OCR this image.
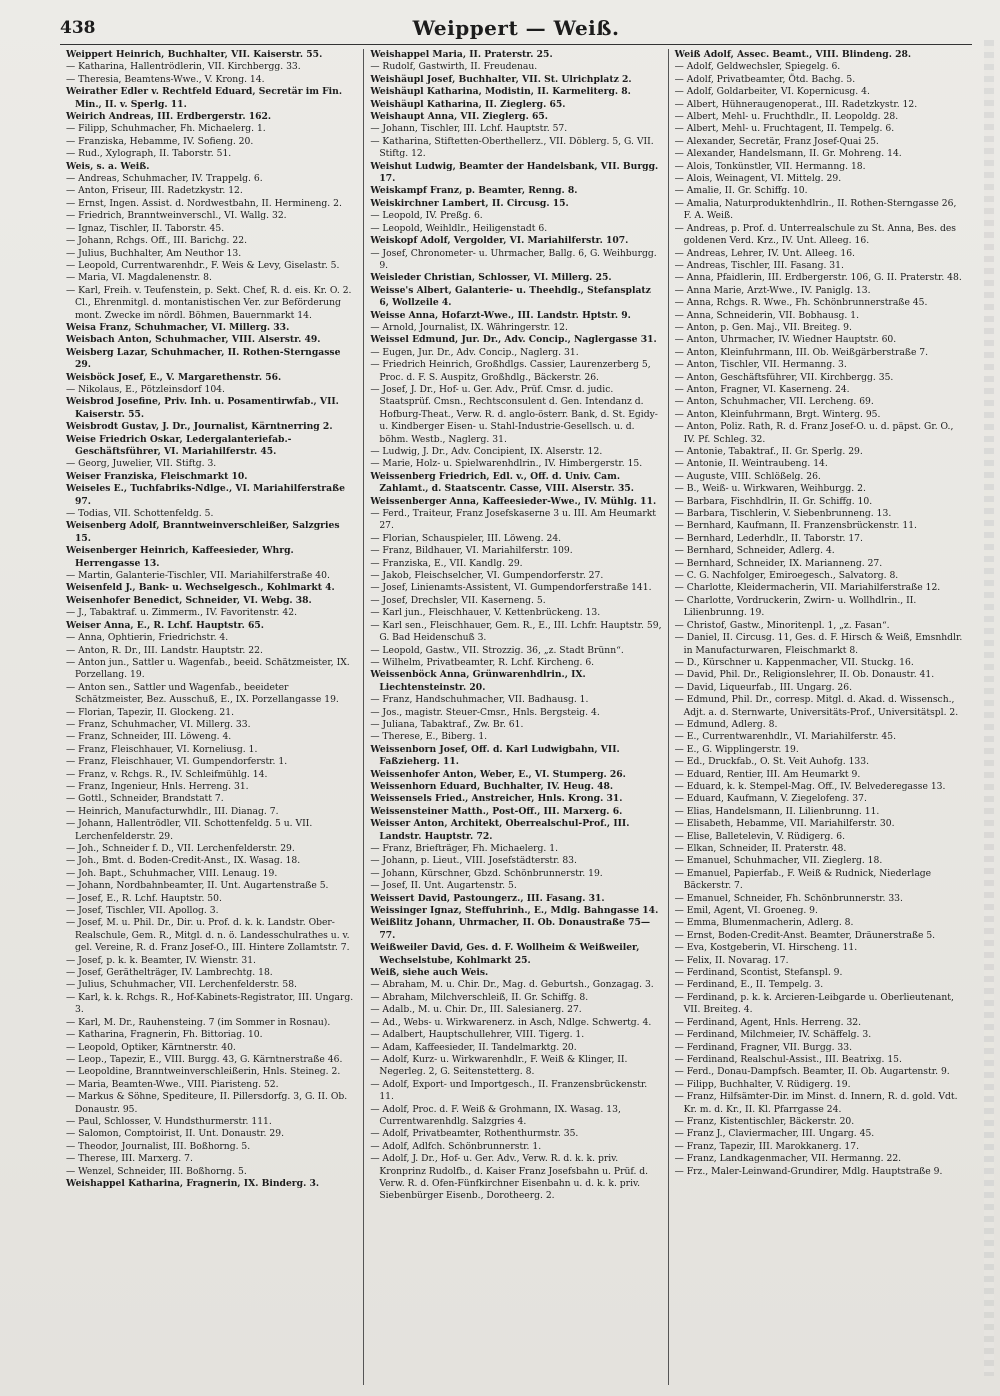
438	Weippert — Weiß.

Weippert Heinrich, Buchhalter, VII. Kaiserstr. 55.

— Katharina, Hallentrödlerin, VII. Kirchbergg. 33.

— Theresia, Beamtens-Wwe., V. Krong. 14.

Weirather Edler v. Rechtfeld Eduard, Secretär im Fin. Min., II. v. Sperlg. 11.

Weirich Andreas, III. Erdbergerstr. 162.

— Filipp, Schuhmacher, Fh. Michaelerg. 1.

— Franziska, Hebamme, IV. Sofieng. 20.

— Rud., Xylograph, II. Taborstr. 51.

Weis, s. a. Weiß.

— Andreas, Schuhmacher, IV. Trappelg. 6.

— Anton, Friseur, III. Radetzkystr. 12.

— Ernst, Ingen. Assist. d. Nordwestbahn, II. Hermineng. 2.

— Friedrich, Branntweinverschl., VI. Wallg. 32.

— Ignaz, Tischler, II. Taborstr. 45.

— Johann, Rchgs. Off., III. Barichg. 22.

— Julius, Buchhalter, Am Neuthor 13.

— Leopold, Currentwarenhdr., F. Weis & Levy, Giselastr. 5.

— Maria, VI. Magdalenenstr. 8.

— Karl, Freih. v. Teufenstein, p. Sekt. Chef, R. d. eis. Kr. O. 2. Cl., Ehrenmitgl. d. montanistischen Ver. zur Beförderung mont. Zwecke im nördl. Böhmen, Bauernmarkt 14.

Weisa Franz, Schuhmacher, VI. Millerg. 33.

Weisbach Anton, Schuhmacher, VIII. Alserstr. 49.

Weisberg Lazar, Schuhmacher, II. Rothen-Sterngasse 29.

Weisböck Josef, E., V. Margarethenstr. 56.

— Nikolaus, E., Pötzleinsdorf 104.

Weisbrod Josefine, Priv. Inh. u. Posamentirwfab., VII. Kaiserstr. 55.

Weisbrodt Gustav, J. Dr., Journalist, Kärntnerring 2.

Weise Friedrich Oskar, Ledergalanteriefab.-Geschäftsführer, VI. Mariahilferstr. 45.

— Georg, Juwelier, VII. Stiftg. 3.

Weiser Franziska, Fleischmarkt 10.

Weiseles E., Tuchfabriks-Ndlge., VI. Mariahilferstraße 97.

— Todias, VII. Schottenfeldg. 5.

Weisenberg Adolf, Branntweinverschleißer, Salzgries 15.

Weisenberger Heinrich, Kaffeesieder, Whrg. Herrengasse 13.

— Martin, Galanterie-Tischler, VII. Mariahilferstraße 40.

Weisenfeld J., Bank- u. Wechselgesch., Kohlmarkt 4.

Weisenhofer Benedict, Schneider, VI. Webg. 38.

— J., Tabaktraf. u. Zimmerm., IV. Favoritenstr. 42.

Weiser Anna, E., R. Lchf. Hauptstr. 65.

— Anna, Ophtierin, Friedrichstr. 4.

— Anton, R. Dr., III. Landstr. Hauptstr. 22.

— Anton jun., Sattler u. Wagenfab., beeid. Schätzmeister, IX. Porzellang. 19.

— Anton sen., Sattler und Wagenfab., beeideter Schätzmeister, Bez. Ausschuß, E., IX. Porzellangasse 19.

— Florian, Tapezir, II. Glockeng. 21.

— Franz, Schuhmacher, VI. Millerg. 33.

— Franz, Schneider, III. Löweng. 4.

— Franz, Fleischhauer, VI. Korneliusg. 1.

— Franz, Fleischhauer, VI. Gumpendorferstr. 1.

— Franz, v. Rchgs. R., IV. Schleifmühlg. 14.

— Franz, Ingenieur, Hnls. Herreng. 31.

— Gottl., Schneider, Brandstatt 7.

— Heinrich, Manufacturwhdlr., III. Dianag. 7.

— Johann, Hallentrödler, VII. Schottenfeldg. 5 u. VII. Lerchenfelderstr. 29.

— Joh., Schneider f. D., VII. Lerchenfelderstr. 29.

— Joh., Bmt. d. Boden-Credit-Anst., IX. Wasag. 18.

— Joh. Bapt., Schuhmacher, VIII. Lenaug. 19.

— Johann, Nordbahnbeamter, II. Unt. Augartenstraße 5.

— Josef, E., R. Lchf. Hauptstr. 50.

— Josef, Tischler, VII. Apollog. 3.

— Josef, M. u. Phil. Dr., Dir. u. Prof. d. k. k. Landstr. Ober-Realschule, Gem. R., Mitgl. d. n. ö. Landesschulrathes u. v. gel. Vereine, R. d. Franz Josef-O., III. Hintere Zollamtstr. 7.

— Josef, p. k. k. Beamter, IV. Wienstr. 31.

— Josef, Geräthelträger, IV. Lambrechtg. 18.

— Julius, Schuhmacher, VII. Lerchenfelderstr. 58.

— Karl, k. k. Rchgs. R., Hof-Kabinets-Registrator, III. Ungarg. 3.

— Karl, M. Dr., Rauhensteing. 7 (im Sommer in Rosnau).

— Katharina, Fragnerin, Fh. Bittoriag. 10.

— Leopold, Optiker, Kärntnerstr. 40.

— Leop., Tapezir, E., VIII. Burgg. 43, G. Kärntnerstraße 46.

— Leopoldine, Branntweinverschleißerin, Hnls. Steineg. 2.

— Maria, Beamten-Wwe., VIII. Piaristeng. 52.

— Markus & Söhne, Spediteure, II. Pillersdorfg. 3, G. II. Ob. Donaustr. 95.

— Paul, Schlosser, V. Hundsthurmerstr. 111.

— Salomon, Comptoirist, II. Unt. Donaustr. 29.

— Theodor, Journalist, III. Boßhorng. 5.

— Therese, III. Marxerg. 7.

— Wenzel, Schneider, III. Boßhorng. 5.

Weishappel Katharina, Fragnerin, IX. Binderg. 3.

Weishappel Maria, II. Praterstr. 25.

— Rudolf, Gastwirth, II. Freudenau.

Weishäupl Josef, Buchhalter, VII. St. Ulrichplatz 2.

Weishäupl Katharina, Modistin, II. Karmeliterg. 8.

Weishäupl Katharina, II. Zieglerg. 65.

Weishaupt Anna, VII. Zieglerg. 65.

— Johann, Tischler, III. Lchf. Hauptstr. 57.

— Katharina, Stiftetten-Oberthellerz., VII. Döblerg. 5, G. VII. Stiftg. 12.

Weishut Ludwig, Beamter der Handelsbank, VII. Burgg. 17.

Weiskampf Franz, p. Beamter, Renng. 8.

Weiskirchner Lambert, II. Circusg. 15.

— Leopold, IV. Preßg. 6.

— Leopold, Weihldlr., Heiligenstadt 6.

Weiskopf Adolf, Vergolder, VI. Mariahilferstr. 107.

— Josef, Chronometer- u. Uhrmacher, Ballg. 6, G. Weihburgg. 9.

Weisleder Christian, Schlosser, VI. Millerg. 25.

Weisse's Albert, Galanterie- u. Theehdlg., Stefansplatz 6, Wollzeile 4.

Weisse Anna, Hofarzt-Wwe., III. Landstr. Hptstr. 9.

— Arnold, Journalist, IX. Währingerstr. 12.

Weissel Edmund, Jur. Dr., Adv. Concip., Naglergasse 31.

— Eugen, Jur. Dr., Adv. Concip., Naglerg. 31.

— Friedrich Heinrich, Großhdlgs. Cassier, Laurenzerberg 5, Proc. d. F. S. Auspitz, Großhdlg., Bäckerstr. 26.

— Josef, J. Dr., Hof- u. Ger. Adv., Prüf. Cmsr. d. judic. Staatsprüf. Cmsn., Rechtsconsulent d. Gen. Intendanz d. Hofburg-Theat., Verw. R. d. anglo-österr. Bank, d. St. Egidy- u. Kindberger Eisen- u. Stahl-Industrie-Gesellsch. u. d. böhm. Westb., Naglerg. 31.

— Ludwig, J. Dr., Adv. Concipient, IX. Alserstr. 12.

— Marie, Holz- u. Spielwarenhdlrin., IV. Himbergerstr. 15.

Weissenberg Friedrich, Edl. v., Off. d. Univ. Cam. Zahlamt., d. Staatscentr. Casse, VIII. Alserstr. 35.

Weissenberger Anna, Kaffeesieder-Wwe., IV. Mühlg. 11.

— Ferd., Traiteur, Franz Josefskaserne 3 u. III. Am Heumarkt 27.

— Florian, Schauspieler, III. Löweng. 24.

— Franz, Bildhauer, VI. Mariahilferstr. 109.

— Franziska, E., VII. Kandlg. 29.

— Jakob, Fleischselcher, VI. Gumpendorferstr. 27.

— Josef, Linienamts-Assistent, VI. Gumpendorferstraße 141.

— Josef, Drechsler, VII. Kaserneng. 5.

— Karl jun., Fleischhauer, V. Kettenbrückeng. 13.

— Karl sen., Fleischhauer, Gem. R., E., III. Lchfr. Hauptstr. 59, G. Bad Heidenschuß 3.

— Leopold, Gastw., VII. Strozzig. 36, „z. Stadt Brünn“.

— Wilhelm, Privatbeamter, R. Lchf. Kircheng. 6.

Weissenböck Anna, Grünwarenhdlrin., IX. Liechtensteinstr. 20.

— Franz, Handschuhmacher, VII. Badhausg. 1.

— Jos., magistr. Steuer-Cmsr., Hnls. Bergsteig. 4.

— Juliana, Tabaktraf., Zw. Br. 61.

— Therese, E., Biberg. 1.

Weissenborn Josef, Off. d. Karl Ludwigbahn, VII. Faßzieherg. 11.

Weissenhofer Anton, Weber, E., VI. Stumperg. 26.

Weissenhorn Eduard, Buchhalter, IV. Heug. 48.

Weissensels Fried., Anstreicher, Hnls. Krong. 31.

Weissensteiner Matth., Post-Off., III. Marxerg. 6.

Weisser Anton, Architekt, Oberrealschul-Prof., III. Landstr. Hauptstr. 72.

— Franz, Briefträger, Fh. Michaelerg. 1.

— Johann, p. Lieut., VIII. Josefstädterstr. 83.

— Johann, Kürschner, Gbzd. Schönbrunnerstr. 19.

— Josef, II. Unt. Augartenstr. 5.

Weissert David, Pastoungerz., III. Fasang. 31.

Weissinger Ignaz, Steffuhrinh., E., Mdlg. Bahngasse 14.

Weißlitz Johann, Uhrmacher, II. Ob. Donaustraße 75—77.

Weißweiler David, Ges. d. F. Wollheim & Weißweiler, Wechselstube, Kohlmarkt 25.

Weiß, siehe auch Weis.

— Abraham, M. u. Chir. Dr., Mag. d. Geburtsh., Gonzagag. 3.

— Abraham, Milchverschleiß, II. Gr. Schiffg. 8.

— Adalb., M. u. Chir. Dr., III. Salesianerg. 27.

— Ad., Webs- u. Wirkwarenerz. in Asch, Ndlge. Schwertg. 4.

— Adalbert, Hauptschullehrer, VIII. Tigerg. 1.

— Adam, Kaffeesieder, II. Tandelmarktg. 20.

— Adolf, Kurz- u. Wirkwarenhdlr., F. Weiß & Klinger, II. Negerleg. 2, G. Seitenstetterg. 8.

— Adolf, Export- und Importgesch., II. Franzensbrückenstr. 11.

— Adolf, Proc. d. F. Weiß & Grohmann, IX. Wasag. 13, Currentwarenhdlg. Salzgries 4.

— Adolf, Privatbeamter, Rothenthurmstr. 35.

— Adolf, Adlfch. Schönbrunnerstr. 1.

— Adolf, J. Dr., Hof- u. Ger. Adv., Verw. R. d. k. k. priv. Kronprinz Rudolfb., d. Kaiser Franz Josefsbahn u. Prüf. d. Verw. R. d. Ofen-Fünfkirchner Eisenbahn u. d. k. k. priv. Siebenbürger Eisenb., Dorotheerg. 2.

Weiß Adolf, Assec. Beamt., VIII. Blindeng. 28.

— Adolf, Geldwechsler, Spiegelg. 6.

— Adolf, Privatbeamter, Ötd. Bachg. 5.

— Adolf, Goldarbeiter, VI. Kopernicusg. 4.

— Albert, Hühneraugenoperat., III. Radetzkystr. 12.

— Albert, Mehl- u. Fruchthdlr., II. Leopoldg. 28.

— Albert, Mehl- u. Fruchtagent, II. Tempelg. 6.

— Alexander, Secretär, Franz Josef-Quai 25.

— Alexander, Handelsmann, II. Gr. Mohreng. 14.

— Alois, Tonkünstler, VII. Hermanng. 18.

— Alois, Weinagent, VI. Mittelg. 29.

— Amalie, II. Gr. Schiffg. 10.

— Amalia, Naturproduktenhdlrin., II. Rothen-Sterngasse 26, F. A. Weiß.

— Andreas, p. Prof. d. Unterrealschule zu St. Anna, Bes. des goldenen Verd. Krz., IV. Unt. Alleeg. 16.

— Andreas, Lehrer, IV. Unt. Alleeg. 16.

— Andreas, Tischler, III. Fasang. 31.

— Anna, Pfaidlerin, III. Erdbergerstr. 106, G. II. Praterstr. 48.

— Anna Marie, Arzt-Wwe., IV. Paniglg. 13.

— Anna, Rchgs. R. Wwe., Fh. Schönbrunnerstraße 45.

— Anna, Schneiderin, VII. Bobhausg. 1.

— Anton, p. Gen. Maj., VII. Breiteg. 9.

— Anton, Uhrmacher, IV. Wiedner Hauptstr. 60.

— Anton, Kleinfuhrmann, III. Ob. Weißgärberstraße 7.

— Anton, Tischler, VII. Hermanng. 3.

— Anton, Geschäftsführer, VII. Kirchbergg. 35.

— Anton, Fragner, VI. Kaserneng. 24.

— Anton, Schuhmacher, VII. Lercheng. 69.

— Anton, Kleinfuhrmann, Brgt. Winterg. 95.

— Anton, Poliz. Rath, R. d. Franz Josef-O. u. d. päpst. Gr. O., IV. Pf. Schleg. 32.

— Antonie, Tabaktraf., II. Gr. Sperlg. 29.

— Antonie, II. Weintraubeng. 14.

— Auguste, VIII. Schlößelg. 26.

— B., Weiß- u. Wirkwaren, Weihburgg. 2.

— Barbara, Fischhdlrin, II. Gr. Schiffg. 10.

— Barbara, Tischlerin, V. Siebenbrunneng. 13.

— Bernhard, Kaufmann, II. Franzensbrückenstr. 11.

— Bernhard, Lederhdlr., II. Taborstr. 17.

— Bernhard, Schneider, Adlerg. 4.

— Bernhard, Schneider, IX. Marianneng. 27.

— C. G. Nachfolger, Emiroegesch., Salvatorg. 8.

— Charlotte, Kleidermacherin, VII. Mariahilferstraße 12.

— Charlotte, Vordruckerin, Zwirn- u. Wollhdlrin., II. Lilienbrunng. 19.

— Christof, Gastw., Minoritenpl. 1, „z. Fasan“.

— Daniel, II. Circusg. 11, Ges. d. F. Hirsch & Weiß, Emsnhdlr. in Manufacturwaren, Fleischmarkt 8.

— D., Kürschner u. Kappenmacher, VII. Stuckg. 16.

— David, Phil. Dr., Religionslehrer, II. Ob. Donaustr. 41.

— David, Liqueurfab., III. Ungarg. 26.

— Edmund, Phil. Dr., corresp. Mitgl. d. Akad. d. Wissensch., Adjt. a. d. Sternwarte, Universitäts-Prof., Universitätspl. 2.

— Edmund, Adlerg. 8.

— E., Currentwarenhdlr., VI. Mariahilferstr. 45.

— E., G. Wipplingerstr. 19.

— Ed., Druckfab., O. St. Veit Auhofg. 133.

— Eduard, Rentier, III. Am Heumarkt 9.

— Eduard, k. k. Stempel-Mag. Off., IV. Belvederegasse 13.

— Eduard, Kaufmann, V. Ziegelofeng. 37.

— Elias, Handelsmann, II. Lilienbrunng. 11.

— Elisabeth, Hebamme, VII. Mariahilferstr. 30.

— Elise, Balletelevin, V. Rüdigerg. 6.

— Elkan, Schneider, II. Praterstr. 48.

— Emanuel, Schuhmacher, VII. Zieglerg. 18.

— Emanuel, Papierfab., F. Weiß & Rudnick, Niederlage Bäckerstr. 7.

— Emanuel, Schneider, Fh. Schönbrunnerstr. 33.

— Emil, Agent, VI. Groeneg. 9.

— Emma, Blumenmacherin, Adlerg. 8.

— Ernst, Boden-Credit-Anst. Beamter, Dräunerstraße 5.

— Eva, Kostgeberin, VI. Hirscheng. 11.

— Felix, II. Novarag. 17.

— Ferdinand, Scontist, Stefanspl. 9.

— Ferdinand, E., II. Tempelg. 3.

— Ferdinand, p. k. k. Arcieren-Leibgarde u. Oberlieutenant, VII. Breiteg. 4.

— Ferdinand, Agent, Hnls. Herreng. 32.

— Ferdinand, Milchmeier, IV. Schäffelg. 3.

— Ferdinand, Fragner, VII. Burgg. 33.

— Ferdinand, Realschul-Assist., III. Beatrixg. 15.

— Ferd., Donau-Dampfsch. Beamter, II. Ob. Augartenstr. 9.

— Filipp, Buchhalter, V. Rüdigerg. 19.

— Franz, Hilfsämter-Dir. im Minst. d. Innern, R. d. gold. Vdt. Kr. m. d. Kr., II. Kl. Pfarrgasse 24.

— Franz, Kistentischler, Bäckerstr. 20.

— Franz J., Claviermacher, III. Ungarg. 45.

— Franz, Tapezir, III. Marokkanerg. 17.

— Franz, Landkagenmacher, VII. Hermanng. 22.

— Frz., Maler-Leinwand-Grundirer, Mdlg. Hauptstraße 9.
